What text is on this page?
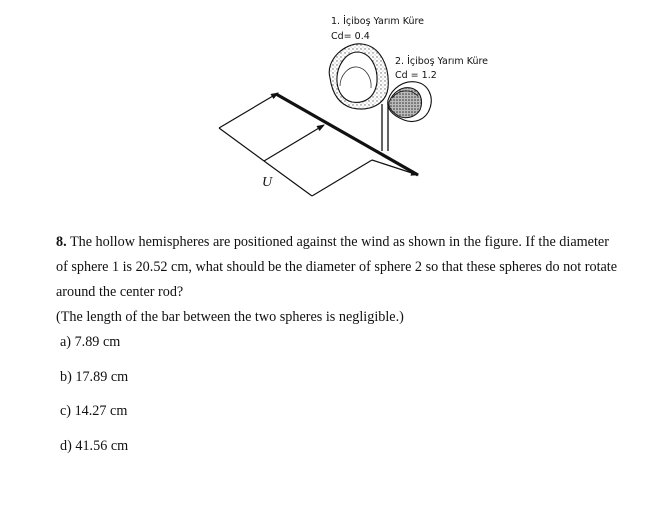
1. İçiboş Yarım Küre
Cd= 0.4
2. İçiboş Yarım Küre
Cd = 1.2
U
8. The hollow hemispheres are positioned against the wind as shown in the figure. If the diameter
of sphere 1 is 20.52 cm, what should be the diameter of sphere 2 so that these spheres do not rotate
around the center rod?
(The length of the bar between the two spheres is negligible.)
a) 7.89 cm
b) 17.89 cm
c) 14.27 cm
d) 41.56 cm
